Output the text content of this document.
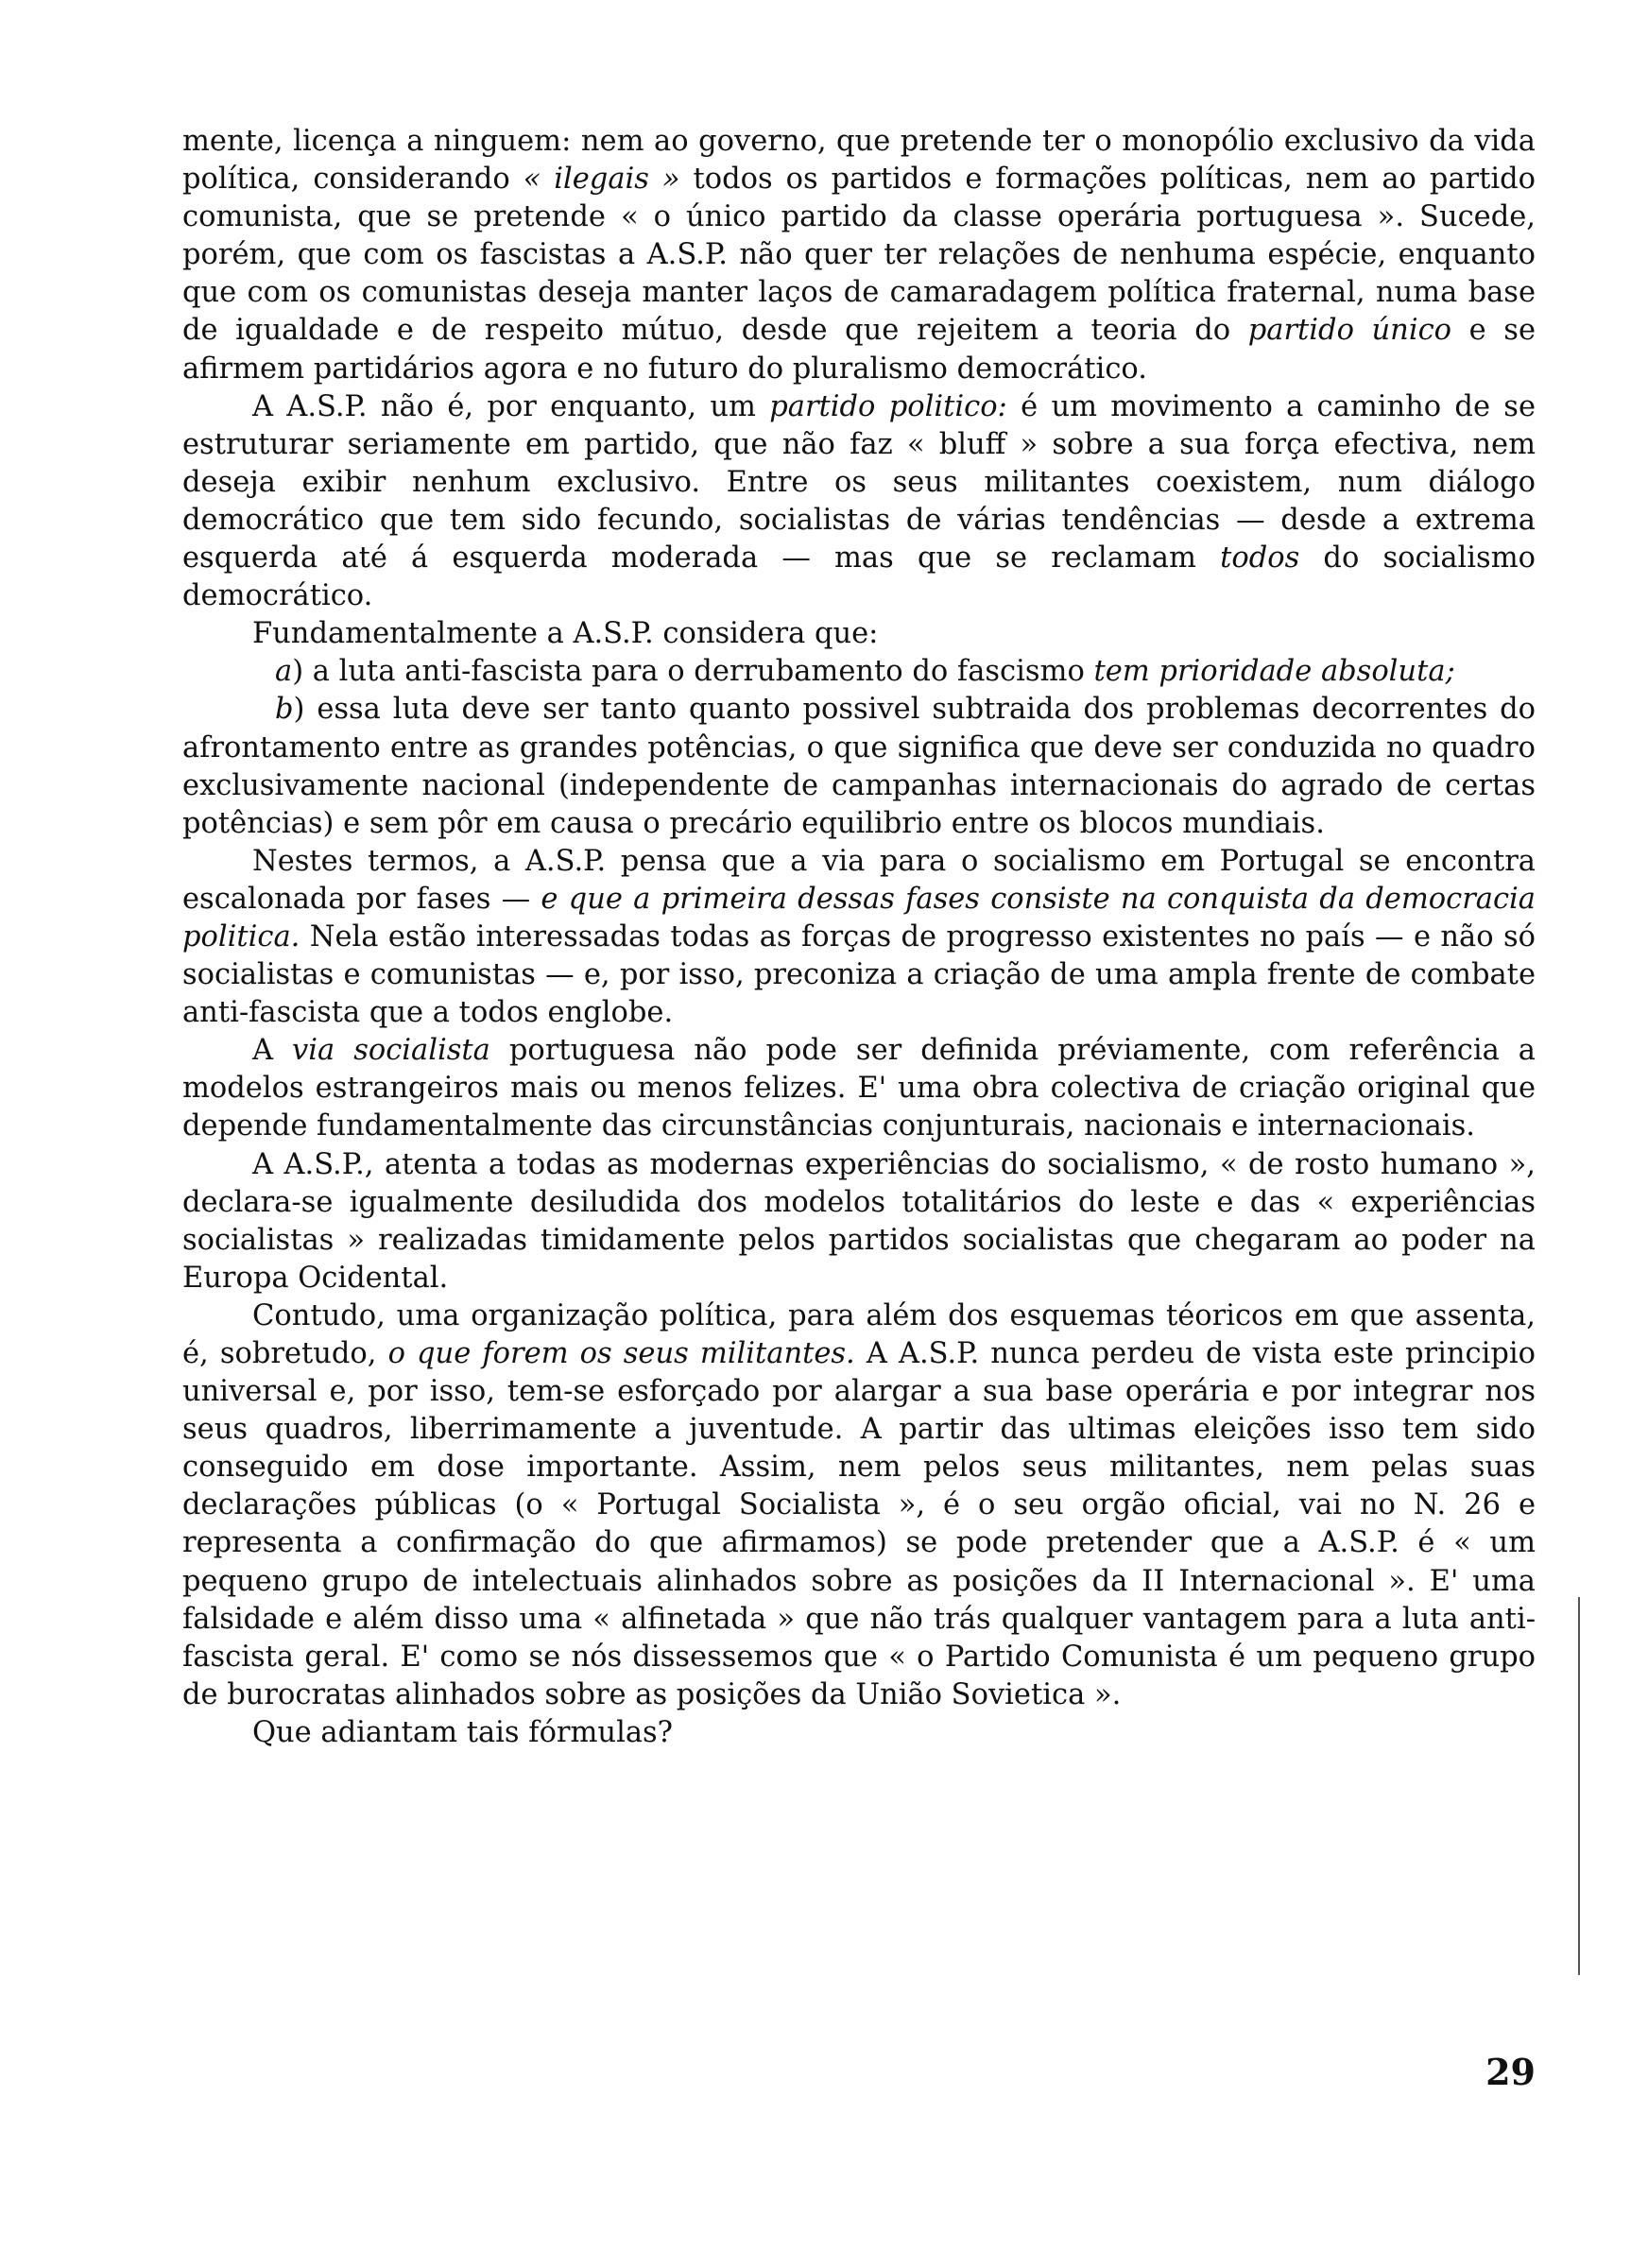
mente, licença a ninguem: nem ao governo, que pretende ter o monopólio exclusivo da vida política, considerando « ilegais » todos os partidos e formações políticas, nem ao partido comunista, que se pretende « o único partido da classe operária portuguesa ». Sucede, porém, que com os fascistas a A.S.P. não quer ter relações de nenhuma espécie, enquanto que com os comunistas deseja manter laços de camaradagem política fraternal, numa base de igualdade e de respeito mútuo, desde que rejeitem a teoria do partido único e se afirmem partidários agora e no futuro do pluralismo democrático.

A A.S.P. não é, por enquanto, um partido politico: é um movimento a caminho de se estruturar seriamente em partido, que não faz « bluff » sobre a sua força efectiva, nem deseja exibir nenhum exclusivo. Entre os seus militantes coexistem, num diálogo democrático que tem sido fecundo, socialistas de várias tendências — desde a extrema esquerda até á esquerda moderada — mas que se reclamam todos do socialismo democrático.

Fundamentalmente a A.S.P. considera que:

a) a luta anti-fascista para o derrubamento do fascismo tem prioridade absoluta;

b) essa luta deve ser tanto quanto possivel subtraida dos problemas decorrentes do afrontamento entre as grandes potências, o que significa que deve ser conduzida no quadro exclusivamente nacional (independente de campanhas internacionais do agrado de certas potências) e sem pôr em causa o precário equilibrio entre os blocos mundiais.

Nestes termos, a A.S.P. pensa que a via para o socialismo em Portugal se encontra escalonada por fases — e que a primeira dessas fases consiste na conquista da democracia politica. Nela estão interessadas todas as forças de progresso existentes no país — e não só socialistas e comunistas — e, por isso, preconiza a criação de uma ampla frente de combate anti-fascista que a todos englobe.

A via socialista portuguesa não pode ser definida préviamente, com referência a modelos estrangeiros mais ou menos felizes. E' uma obra colectiva de criação original que depende fundamentalmente das circunstâncias conjunturais, nacionais e internacionais.

A A.S.P., atenta a todas as modernas experiências do socialismo, « de rosto humano », declara-se igualmente desiludida dos modelos totalitários do leste e das « experiências socialistas » realizadas timidamente pelos partidos socialistas que chegaram ao poder na Europa Ocidental.

Contudo, uma organização política, para além dos esquemas téoricos em que assenta, é, sobretudo, o que forem os seus militantes. A A.S.P. nunca perdeu de vista este principio universal e, por isso, tem-se esforçado por alargar a sua base operária e por integrar nos seus quadros, liberrimamente a juventude. A partir das ultimas eleições isso tem sido conseguido em dose importante. Assim, nem pelos seus militantes, nem pelas suas declarações públicas (o « Portugal Socialista », é o seu orgão oficial, vai no N. 26 e representa a confirmação do que afirmamos) se pode pretender que a A.S.P. é « um pequeno grupo de intelectuais alinhados sobre as posições da II Internacional ». E' uma falsidade e além disso uma « alfinetada » que não trás qualquer vantagem para a luta anti-fascista geral. E' como se nós dissessemos que « o Partido Comunista é um pequeno grupo de burocratas alinhados sobre as posições da União Sovietica ».

Que adiantam tais fórmulas?

29
